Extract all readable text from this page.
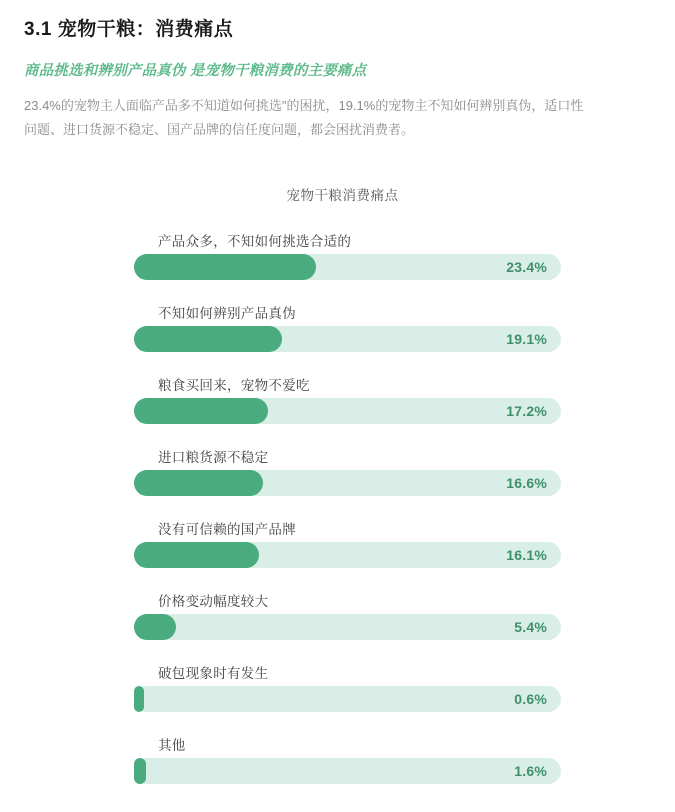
3.1 宠物干粮：消费痛点

商品挑选和辨别产品真伪 是宠物干粮消费的主要痛点

23.4%的宠物主人面临产品多不知道如何挑选"的困扰，19.1%的宠物主不知如何辨别真伪，适口性问题、进口货源不稳定、国产品牌的信任度问题，都会困扰消费者。

宠物干粮消费痛点
产品众多，不知如何挑选合适的
23.4%
不知如何辨别产品真伪
19.1%
粮食买回来，宠物不爱吃
17.2%
进口粮货源不稳定
16.6%
没有可信赖的国产品牌
16.1%
价格变动幅度较大
5.4%
破包现象时有发生
0.6%
其他
1.6%
